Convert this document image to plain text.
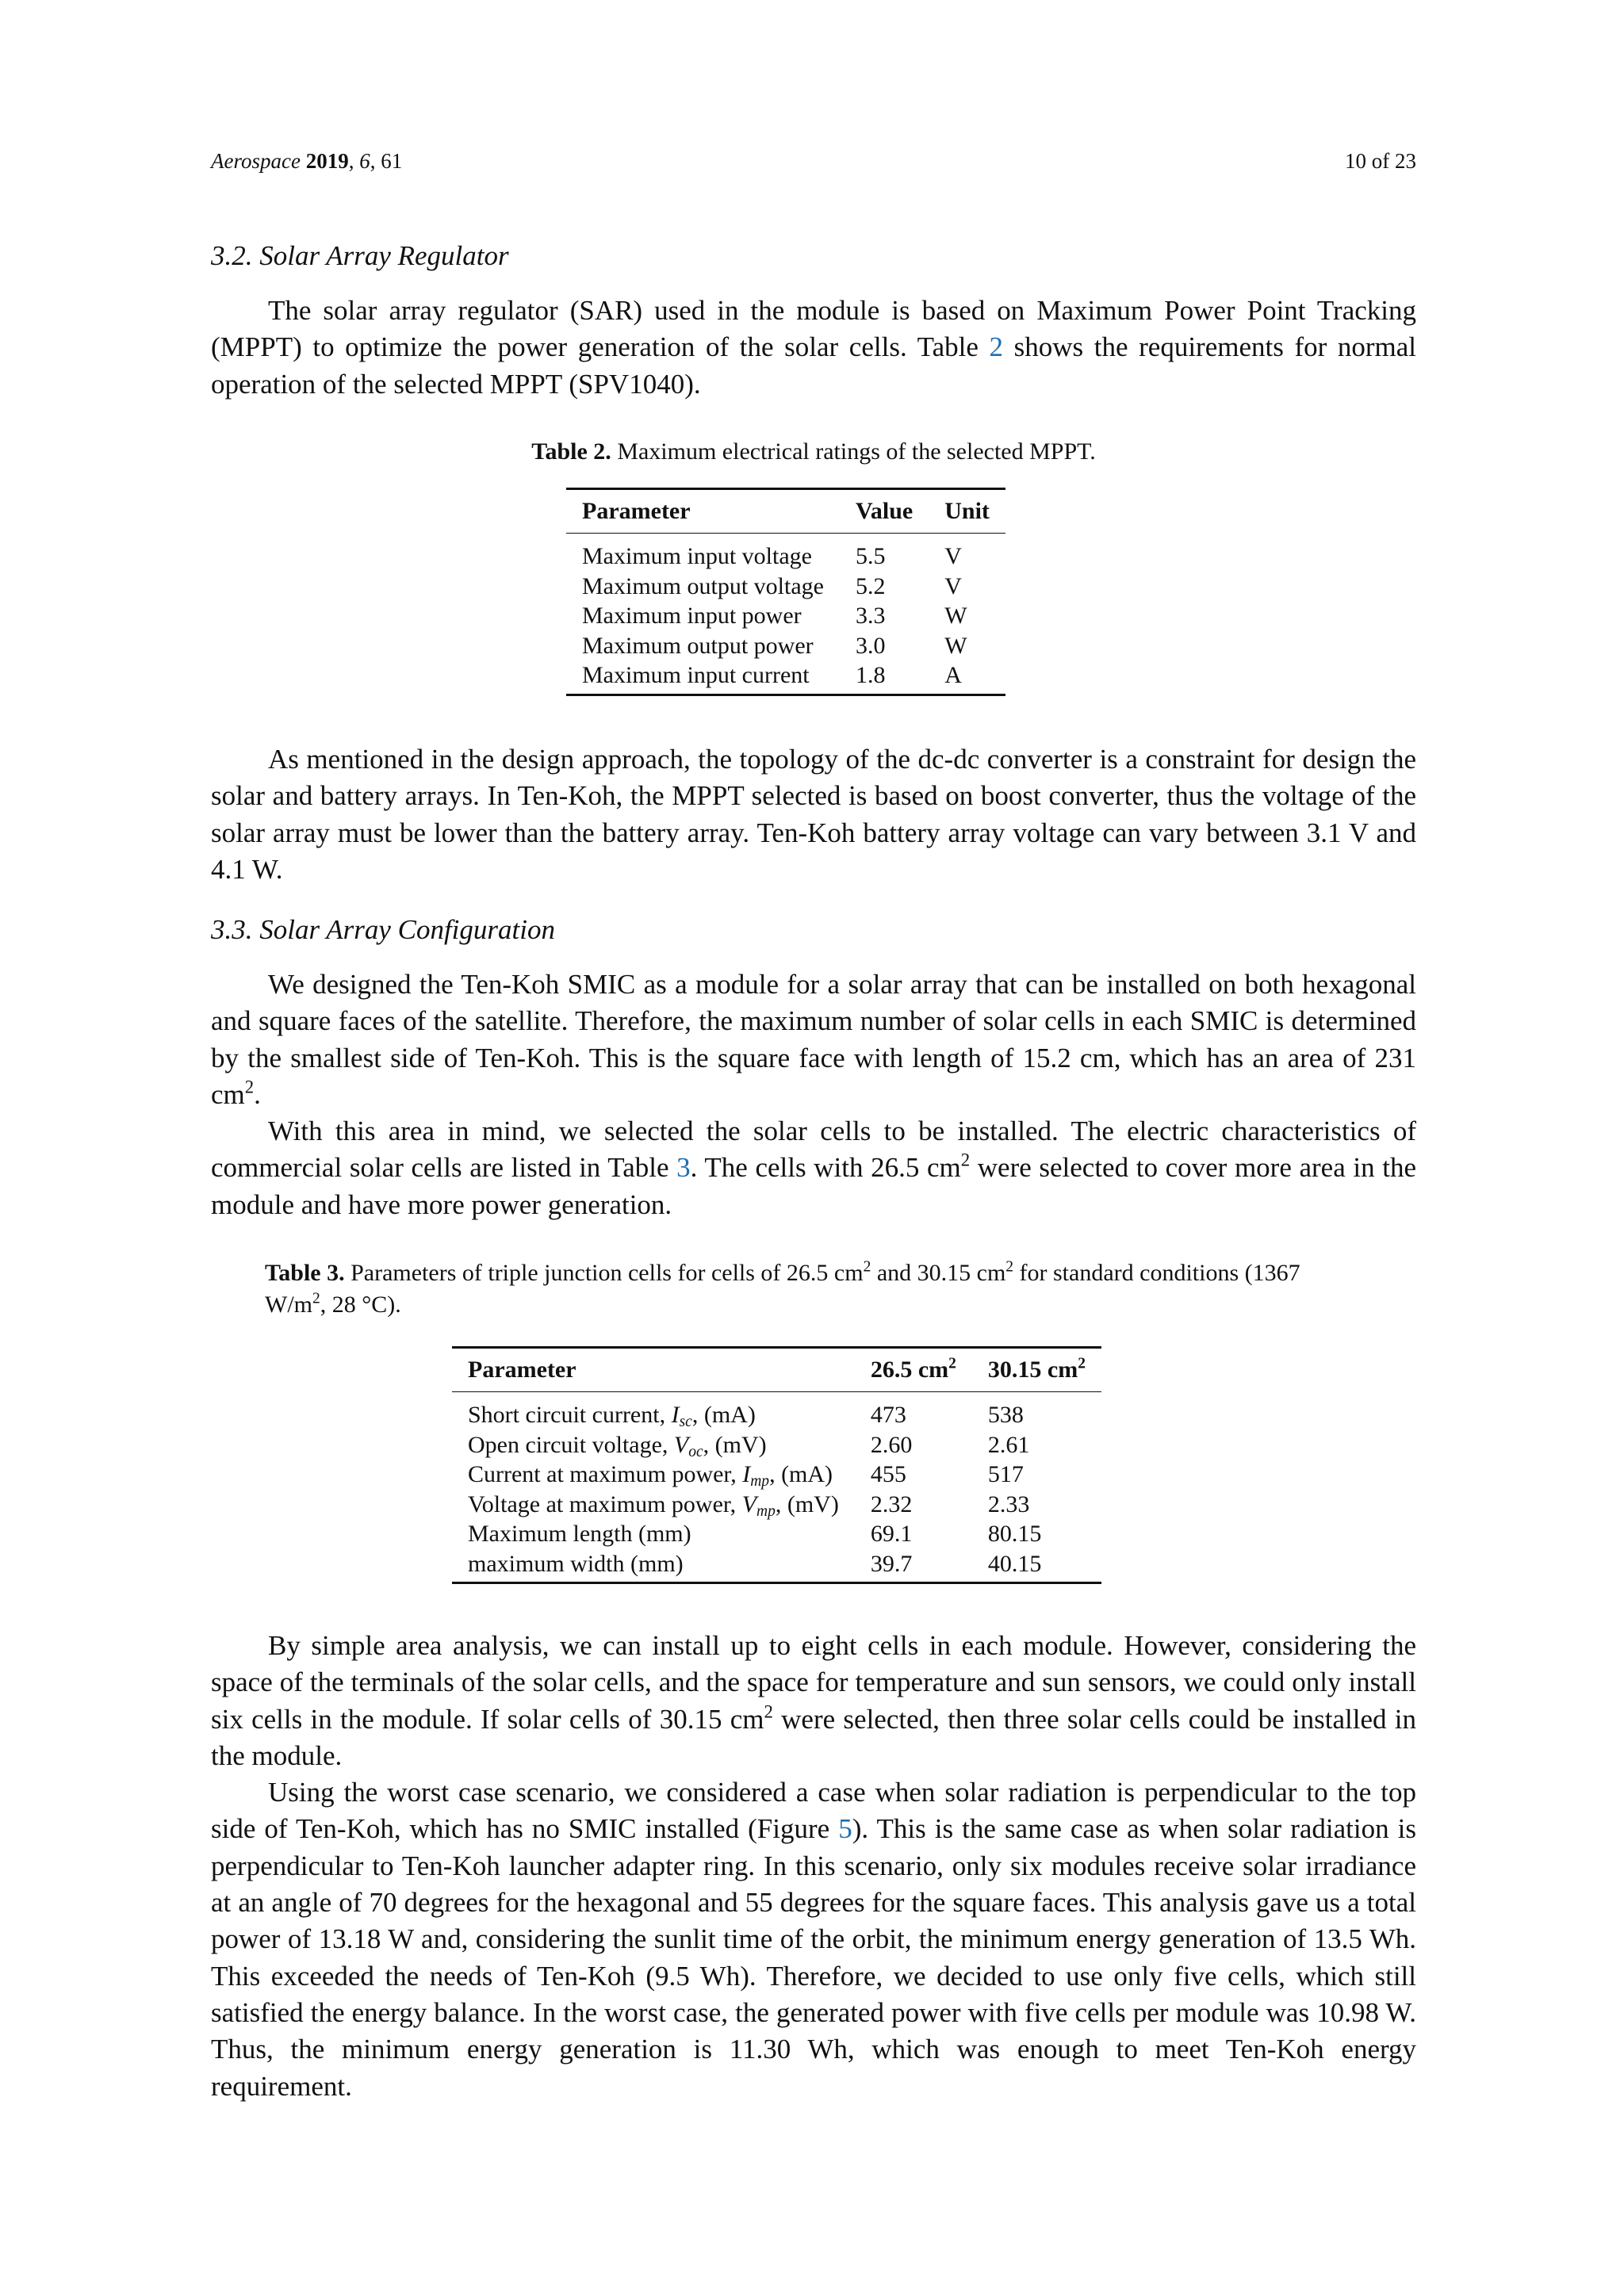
Aerospace 2019, 6, 61	10 of 23
3.2. Solar Array Regulator

The solar array regulator (SAR) used in the module is based on Maximum Power Point Tracking (MPPT) to optimize the power generation of the solar cells. Table 2 shows the requirements for normal operation of the selected MPPT (SPV1040).

Table 2. Maximum electrical ratings of the selected MPPT.
Parameter	Value	Unit
Maximum input voltage	5.5	V
Maximum output voltage	5.2	V
Maximum input power	3.3	W
Maximum output power	3.0	W
Maximum input current	1.8	A

As mentioned in the design approach, the topology of the dc-dc converter is a constraint for design the solar and battery arrays. In Ten-Koh, the MPPT selected is based on boost converter, thus the voltage of the solar array must be lower than the battery array. Ten-Koh battery array voltage can vary between 3.1 V and 4.1 W.

3.3. Solar Array Configuration

We designed the Ten-Koh SMIC as a module for a solar array that can be installed on both hexagonal and square faces of the satellite. Therefore, the maximum number of solar cells in each SMIC is determined by the smallest side of Ten-Koh. This is the square face with length of 15.2 cm, which has an area of 231 $cm^2$.

With this area in mind, we selected the solar cells to be installed. The electric characteristics of commercial solar cells are listed in Table 3. The cells with 26.5 $cm^2$ were selected to cover more area in the module and have more power generation.

Table 3. Parameters of triple junction cells for cells of 26.5 $cm^2$ and 30.15 $cm^2$ for standard conditions (1367 $W/m^2$, 28 °C).
Parameter	26.5 $cm^2$	30.15 $cm^2$
Short circuit current, $I_{sc}$, (mA)	473	538
Open circuit voltage, $V_{oc}$, (mV)	2.60	2.61
Current at maximum power, $I_{mp}$, (mA)	455	517
Voltage at maximum power, $V_{mp}$, (mV)	2.32	2.33
Maximum length (mm)	69.1	80.15
maximum width (mm)	39.7	40.15

By simple area analysis, we can install up to eight cells in each module. However, considering the space of the terminals of the solar cells, and the space for temperature and sun sensors, we could only install six cells in the module. If solar cells of 30.15 $cm^2$ were selected, then three solar cells could be installed in the module.

Using the worst case scenario, we considered a case when solar radiation is perpendicular to the top side of Ten-Koh, which has no SMIC installed (Figure 5). This is the same case as when solar radiation is perpendicular to Ten-Koh launcher adapter ring. In this scenario, only six modules receive solar irradiance at an angle of 70 degrees for the hexagonal and 55 degrees for the square faces. This analysis gave us a total power of 13.18 W and, considering the sunlit time of the orbit, the minimum energy generation of 13.5 Wh. This exceeded the needs of Ten-Koh (9.5 Wh). Therefore, we decided to use only five cells, which still satisfied the energy balance. In the worst case, the generated power with five cells per module was 10.98 W. Thus, the minimum energy generation is 11.30 Wh, which was enough to meet Ten-Koh energy requirement.
